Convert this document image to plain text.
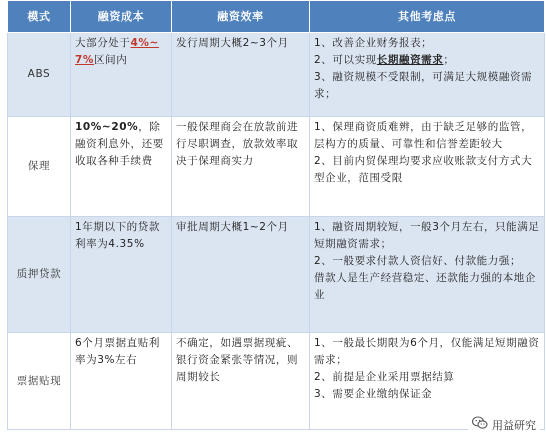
模式	融资成本	融资效率	其他考虑点
ABS	大部分处于4%~7%区间内	发行周期大概2~3个月	1、改善企业财务报表；
2、可以实现长期融资需求；
3、融资规模不受限制，可满足大规模融资需求；

保理	10%~20%，除融资利息外，还要收取各种手续费	一般保理商会在放款前进行尽职调查，放款效率取决于保理商实力	1、保理商资质难辨，由于缺乏足够的监管，层构方的质量、可靠性和信誉差距较大
2、目前内贸保理均要求应收账款支付方式大型企业，范围受限

质押贷款	1年期以下的贷款利率为4.35%	审批周期大概1~2个月	1、融资周期较短，一般3个月左右，只能满足短期融资需求；
2、一般要求付款人资信好、付款能力强；
借款人是生产经营稳定、还款能力强的本地企业

票据贴现	6个月票据直贴利率为3%左右	不确定，如遇票据现疵、银行资金紧张等情况，则周期较长	1、一般最长期限为6个月，仅能满足短期融资需求；
2、前提是企业采用票据结算
3、需要企业缴纳保证金
用益研究
